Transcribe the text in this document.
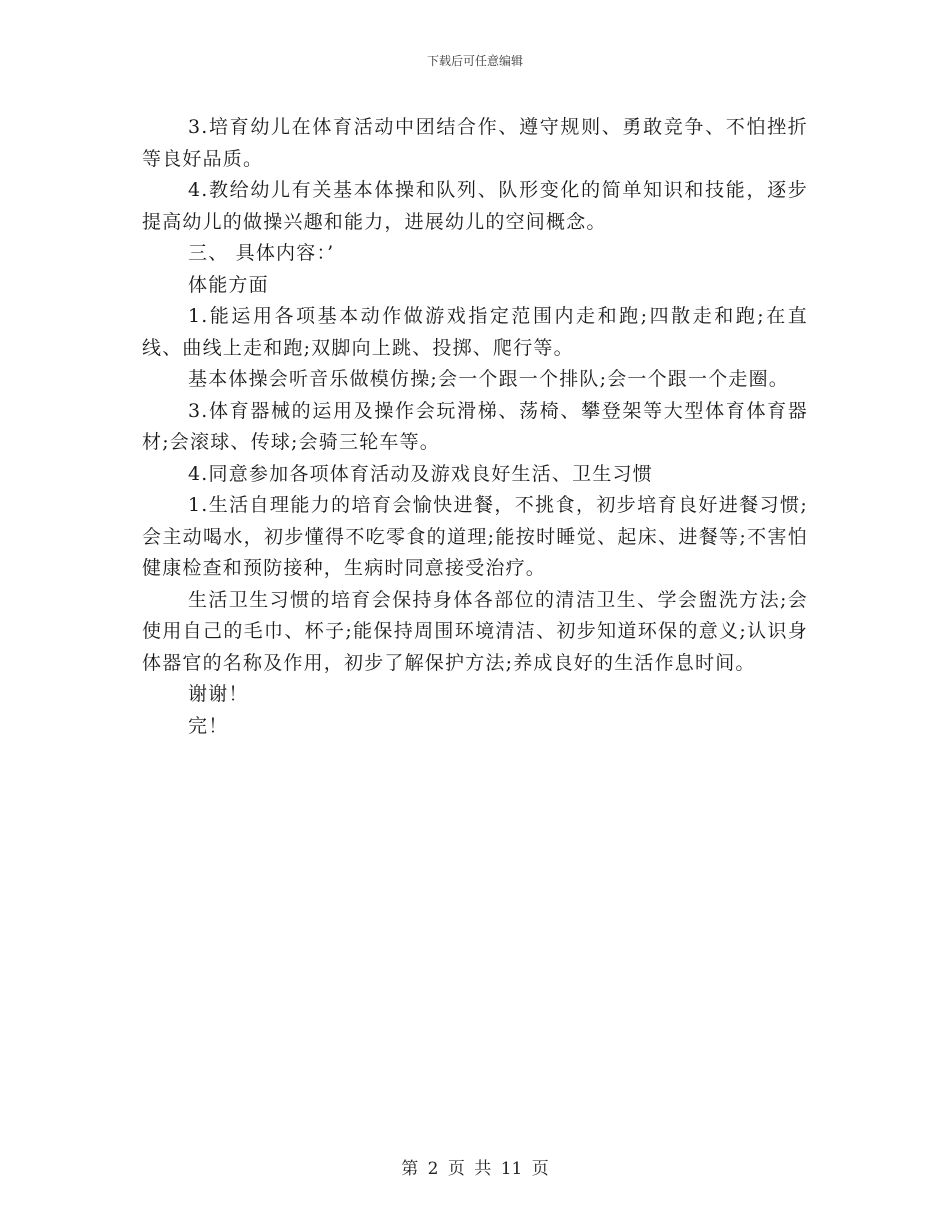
下载后可任意编辑

3.培育幼儿在体育活动中团结合作、遵守规则、勇敢竞争、不怕挫折等良好品质。

4.教给幼儿有关基本体操和队列、队形变化的简单知识和技能，逐步提高幼儿的做操兴趣和能力，进展幼儿的空间概念。

三、 具体内容：’

体能方面

1.能运用各项基本动作做游戏指定范围内走和跑;四散走和跑;在直线、曲线上走和跑;双脚向上跳、投掷、爬行等。

基本体操会听音乐做模仿操;会一个跟一个排队;会一个跟一个走圈。

3.体育器械的运用及操作会玩滑梯、荡椅、攀登架等大型体育体育器材;会滚球、传球;会骑三轮车等。

4.同意参加各项体育活动及游戏良好生活、卫生习惯

1.生活自理能力的培育会愉快进餐，不挑食，初步培育良好进餐习惯;会主动喝水，初步懂得不吃零食的道理;能按时睡觉、起床、进餐等;不害怕健康检查和预防接种，生病时同意接受治疗。

生活卫生习惯的培育会保持身体各部位的清洁卫生、学会盥洗方法;会使用自己的毛巾、杯子;能保持周围环境清洁、初步知道环保的意义;认识身体器官的名称及作用，初步了解保护方法;养成良好的生活作息时间。

谢谢！

完！

第 2 页 共 11 页
